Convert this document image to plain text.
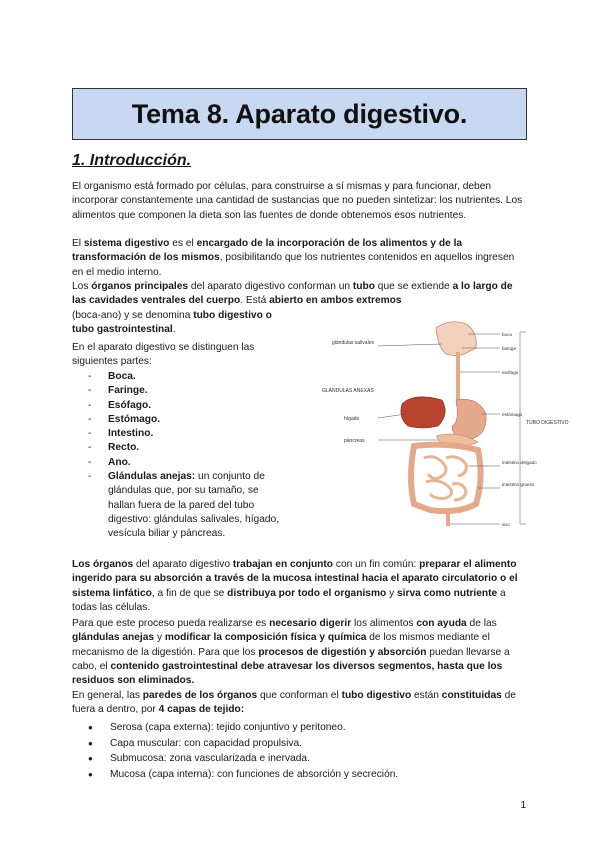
Tema 8. Aparato digestivo.
1. Introducción.
El organismo está formado por células, para construirse a sí mismas y para funcionar, deben incorporar constantemente una cantidad de sustancias que no pueden sintetizar: los nutrientes. Los alimentos que componen la dieta son las fuentes de donde obtenemos esos nutrientes.
El sistema digestivo es el encargado de la incorporación de los alimentos y de la transformación de los mismos, posibilitando que los nutrientes contenidos en aquellos ingresen en el medio interno.
Los órganos principales del aparato digestivo conforman un tubo que se extiende a lo largo de las cavidades ventrales del cuerpo. Está abierto en ambos extremos
(boca-ano) y se denomina tubo digestivo o tubo gastrointestinal.
En el aparato digestivo se distinguen las siguientes partes:
- Boca.
- Faringe.
- Esófago.
- Estómago.
- Intestino.
- Recto.
- Ano.
- Glándulas anejas: un conjunto de glándulas que, por su tamaño, se hallan fuera de la pared del tubo digestivo: glándulas salivales, hígado, vesícula biliar y páncreas.
glándulas salivales
GLÁNDULAS ANEXAS
hígado
páncreas
boca
faringe
esófago
estómago
intestino delgado
intestino grueso
ano
TUBO DIGESTIVO
Los órganos del aparato digestivo trabajan en conjunto con un fin común: preparar el alimento ingerido para su absorción a través de la mucosa intestinal hacia el aparato circulatorio o el sistema linfático, a fin de que se distribuya por todo el organismo y sirva como nutriente a todas las células.
Para que este proceso pueda realizarse es necesario digerir los alimentos con ayuda de las glándulas anejas y modificar la composición física y química de los mismos mediante el mecanismo de la digestión. Para que los procesos de digestión y absorción puedan llevarse a cabo, el contenido gastrointestinal debe atravesar los diversos segmentos, hasta que los residuos son eliminados.
En general, las paredes de los órganos que conforman el tubo digestivo están constituidas de fuera a dentro, por 4 capas de tejido:
● Serosa (capa externa): tejido conjuntivo y peritoneo.
● Capa muscular: con capacidad propulsiva.
● Submucosa: zona vascularizada e inervada.
● Mucosa (capa interna): con funciones de absorción y secreción.
1
